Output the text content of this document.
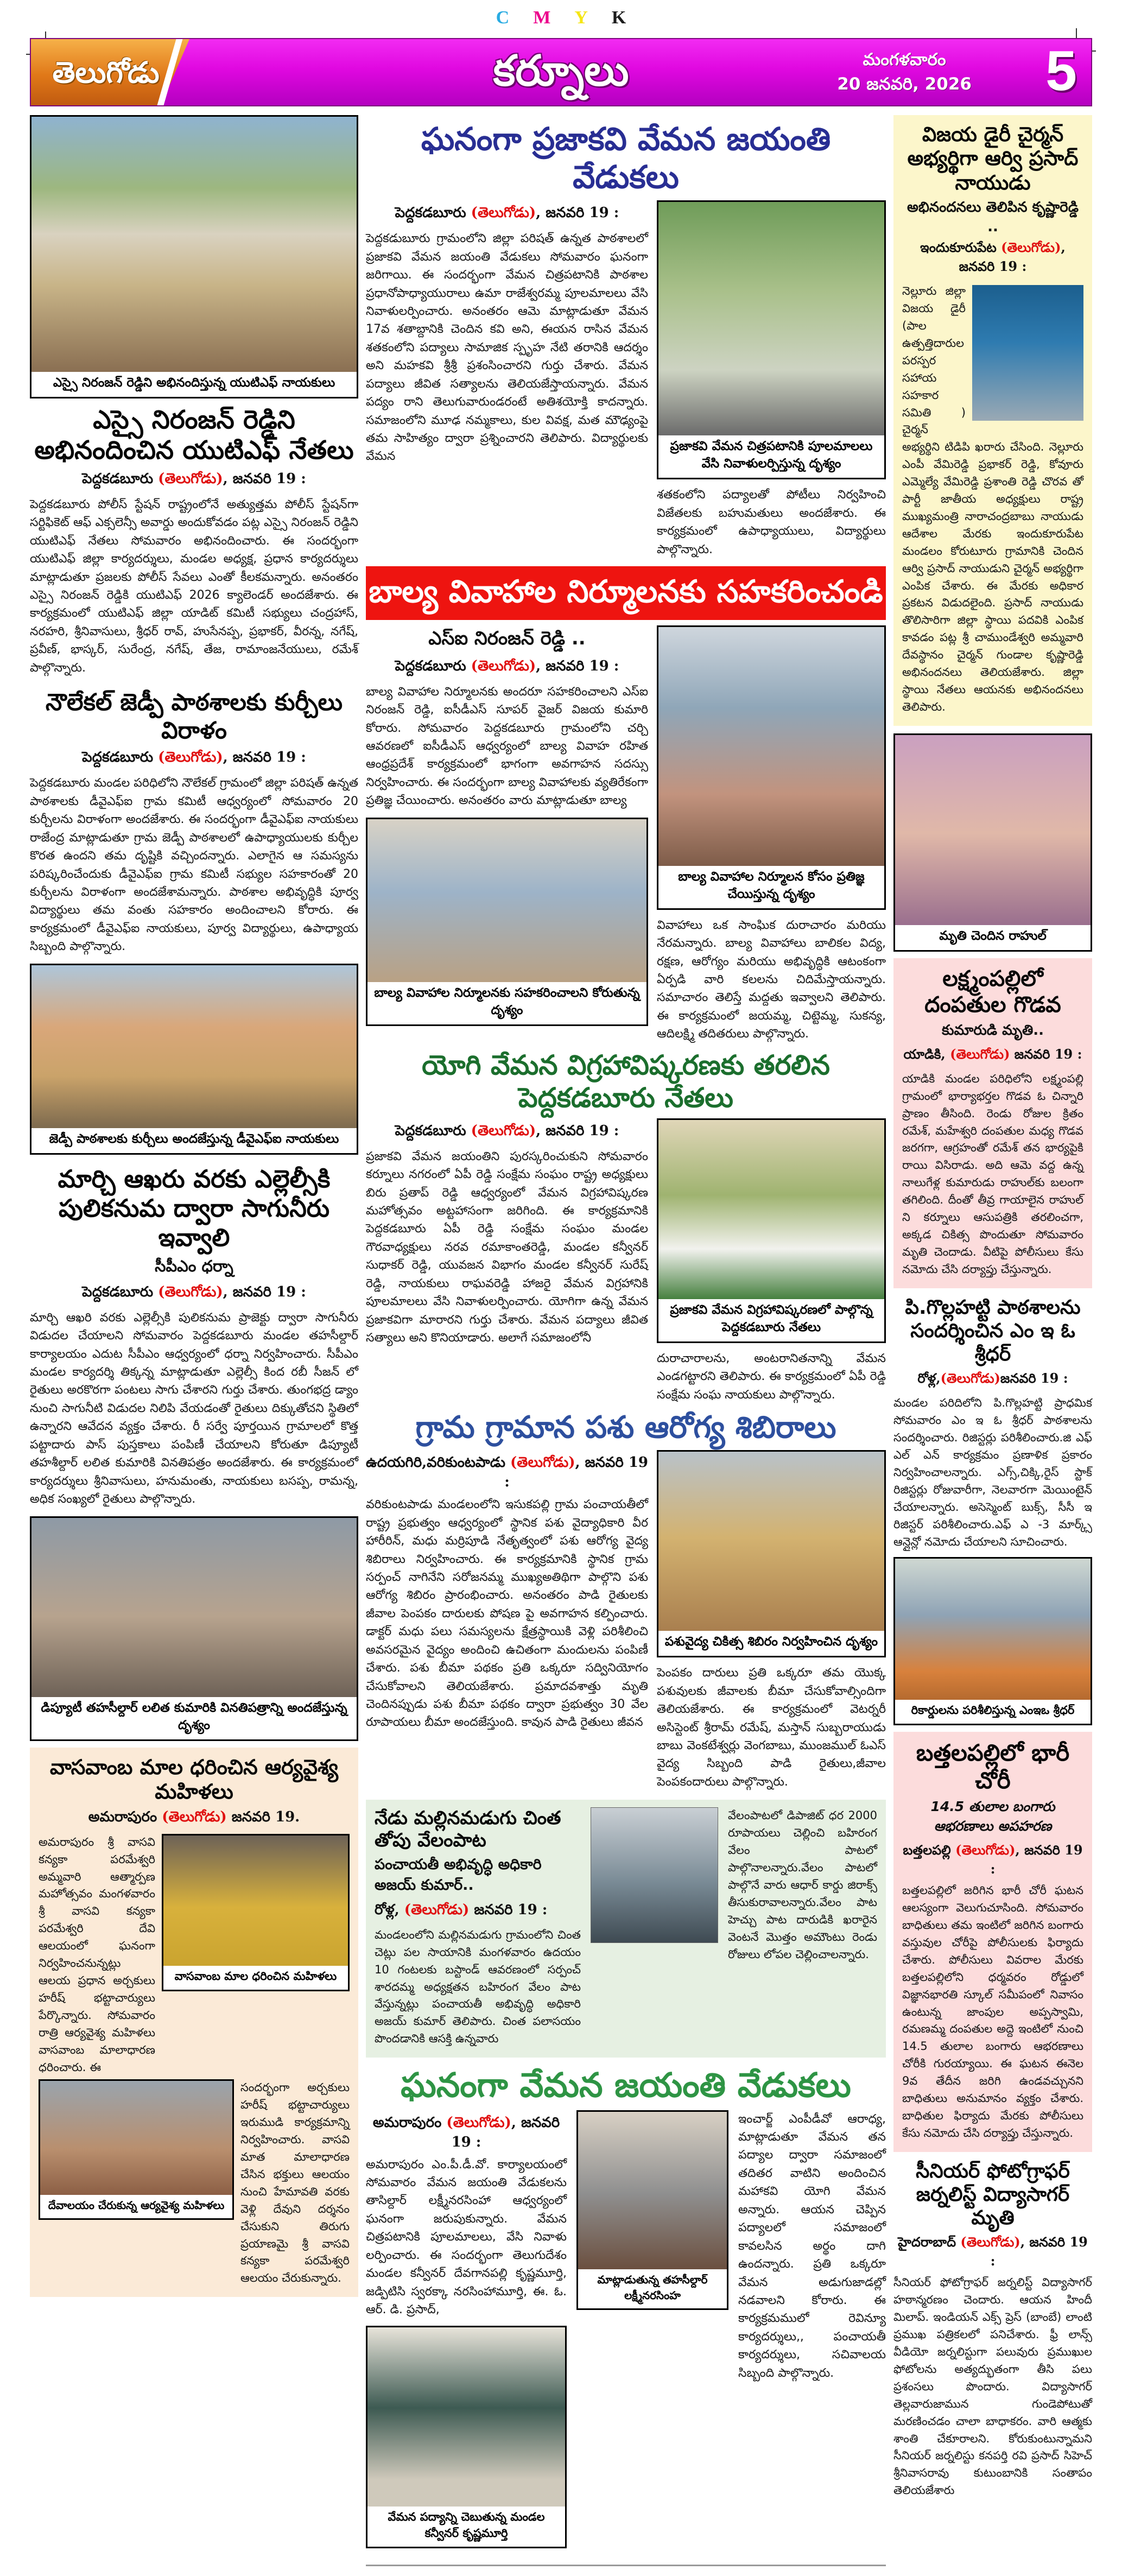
C M Y K
తెలుగోడు	కర్నూలు	మంగళవారం
20 జనవరి, 2026 5
ఎస్సై నిరంజన్ రెడ్డిని అభినందిస్తున్న యుటిఎఫ్ నాయకులు
ఎస్సై నిరంజన్ రెడ్డిని అభినందించిన యుటిఎఫ్ నేతలు
పెద్దకడబూరు (తెలుగోడు), జనవరి 19 :

పెద్దకడబూరు పోలీస్ స్టేషన్ రాష్ట్రంలోనే అత్యుత్తమ పోలీస్ స్టేషన్‌గా సర్టిఫికెట్ ఆఫ్ ఎక్సలెన్సీ అవార్డు అందుకోవడం పట్ల ఎస్సై నిరంజన్ రెడ్డిని యుటిఎఫ్ నేతలు సోమవారం అభినందించారు. ఈ సందర్భంగా యుటిఎఫ్ జిల్లా కార్యదర్శులు, మండల అధ్యక్ష, ప్రధాన కార్యదర్శులు మాట్లాడుతూ ప్రజలకు పోలీస్ సేవలు ఎంతో కీలకమన్నారు. అనంతరం ఎస్సై నిరంజన్ రెడ్డికి యుటిఎఫ్ 2026 క్యాలెండర్ అందజేశారు. ఈ కార్యక్రమంలో యుటిఎఫ్ జిల్లా యాడిట్ కమిటీ సభ్యులు చంద్రహాస్, నరహరి, శ్రీనివాసులు, శ్రీధర్ రావ్, హుసేనప్ప, ప్రభాకర్, వీరన్న, నగేష్, ప్రవీణ్, భాస్కర్, సురేంద్ర, నగేష్, తేజ, రామాంజనేయులు, రమేశ్ పాల్గొన్నారు.

నౌలేకల్ జెడ్పీ పాఠశాలకు కుర్చీలు విరాళం
పెద్దకడబూరు (తెలుగోడు), జనవరి 19 :

పెద్దకడబూరు మండల పరిధిలోని నౌలేకల్ గ్రామంలో జిల్లా పరిషత్ ఉన్నత పాఠశాలకు డీవైఎఫ్ఐ గ్రామ కమిటీ ఆధ్వర్యంలో సోమవారం 20 కుర్చీలను విరాళంగా అందజేశారు. ఈ సందర్భంగా డీవైఎఫ్ఐ నాయకులు రాజేంద్ర మాట్లాడుతూ గ్రామ జెడ్పీ పాఠశాలలో ఉపాధ్యాయులకు కుర్చీల కొరత ఉందని తమ దృష్టికి వచ్చిందన్నారు. ఎలాగైన ఆ సమస్యను పరిష్కరించేందుకు డీవైఎఫ్ఐ గ్రామ కమిటీ సభ్యుల సహకారంతో 20 కుర్చీలను విరాళంగా అందజేశామన్నారు. పాఠశాల అభివృద్ధికి పూర్వ విద్యార్థులు తమ వంతు సహకారం అందించాలని కోరారు. ఈ కార్యక్రమంలో డీవైఎఫ్ఐ నాయకులు, పూర్వ విద్యార్థులు, ఉపాధ్యాయ సిబ్బంది పాల్గొన్నారు.

జెడ్పీ పాఠశాలకు కుర్చీలు అందజేస్తున్న డీవైఎఫ్ఐ నాయకులు
మార్చి ఆఖరు వరకు ఎల్లెల్సీకి పులికనుమ ద్వారా సాగునీరు ఇవ్వాలి
సీపీఎం ధర్నా
పెద్దకడబూరు (తెలుగోడు), జనవరి 19 :

మార్చి ఆఖరి వరకు ఎల్లెల్సీకి పులికనుమ ప్రాజెక్టు ద్వారా సాగునీరు విడుదల చేయాలని సోమవారం పెద్దకడబూరు మండల తహసీల్దార్ కార్యాలయం ఎదుట సీపీఎం ఆధ్వర్యంలో ధర్నా నిర్వహించారు. సీపీఎం మండల కార్యదర్శి తిక్కన్న మాట్లాడుతూ ఎల్లెల్సీ కింద రబీ సీజన్ లో రైతులు అరకొరగా పంటలు సాగు చేశారని గుర్తు చేశారు. తుంగభద్ర డ్యాం నుంచి సాగునీటి విడుదల నిలిపి వేయడంతో రైతులు దిక్కుతోచని స్థితిలో ఉన్నారని ఆవేదన వ్యక్తం చేశారు. రీ సర్వే పూర్తయిన గ్రామాలలో కొత్త పట్టాదారు పాస్ పుస్తకాలు పంపిణీ చేయాలని కోరుతూ డిప్యూటీ తహశీల్దార్ లలిత కుమారికి వినతిపత్రం అందజేశారు. ఈ కార్యక్రమంలో కార్యదర్శులు శ్రీనివాసులు, హనుమంతు, నాయకులు బసప్ప, రామన్న, అధిక సంఖ్యలో రైతులు పాల్గొన్నారు.

డిప్యూటీ తహసీల్దార్ లలిత కుమారికి వినతిపత్రాన్ని అందజేస్తున్న దృశ్యం
వాసవాంబ మాల ధరించిన ఆర్యవైశ్య మహిళలు
అమరాపురం (తెలుగోడు) జనవరి 19.

అమరాపురం శ్రీ వాసవి కన్యకా పరమేశ్వరి అమ్మవారి ఆత్మార్పణ మహోత్సవం మంగళవారం శ్రీ వాసవి కన్యకా పరమేశ్వరి దేవి ఆలయంలో ఘనంగా నిర్వహించనున్నట్లు ఆలయ ప్రధాన అర్చకులు హరీష్ భట్టాచార్యులు పేర్కొన్నారు. సోమవారం రాత్రి ఆర్యవైశ్య మహిళలు వాసవాంబ మాలాధారణ ధరించారు. ఈ

వాసవాంబ మాల ధరించిన మహిళలు
దేవాలయం చేరుకున్న ఆర్యవైశ్య మహిళలు

సందర్భంగా అర్చకులు హరీష్ భట్టాచార్యులు ఇరుముడి కార్యక్రమాన్ని నిర్వహించారు. వాసవి మాత మాలాధారణ చేసిన భక్తులు ఆలయం నుంచి హేమావతి వరకు వెళ్లి దేవుని దర్శనం చేసుకుని తిరుగు ప్రయాణమై శ్రీ వాసవి కన్యకా పరమేశ్వరి ఆలయం చేరుకున్నారు.

ఘనంగా ప్రజాకవి వేమన జయంతి వేడుకలు
పెద్దకడబూరు (తెలుగోడు), జనవరి 19 :

పెద్దకడుబూరు గ్రామంలోని జిల్లా పరిషత్ ఉన్నత పాఠశాలలో ప్రజాకవి వేమన జయంతి వేడుకలు సోమవారం ఘనంగా జరిగాయి. ఈ సందర్భంగా వేమన చిత్రపటానికి పాఠశాల ప్రధానోపాధ్యాయురాలు ఉమా రాజేశ్వరమ్మ పూలమాలలు వేసి నివాళులర్పించారు. అనంతరం ఆమె మాట్లాడుతూ వేమన 17వ శతాబ్దానికి చెందిన కవి అని, ఈయన రాసిన వేమన శతకంలోని పద్యాలు సామాజిక స్పృహ నేటి తరానికి ఆదర్శం అని మహకవి శ్రీశ్రీ ప్రశంసించారని గుర్తు చేశారు. వేమన పద్యాలు జీవిత సత్యాలను తెలియజేస్తాయన్నారు. వేమన పద్యం రాని తెలుగువారుండరంటే అతిశయోక్తి కాదన్నారు. సమాజంలోని మూఢ నమ్మకాలు, కుల వివక్ష, మత మౌఢ్యంపై తమ సాహిత్యం ద్వారా ప్రశ్నించారని తెలిపారు. విద్యార్థులకు వేమన

ప్రజాకవి వేమన చిత్రపటానికి పూలమాలలు వేసి నివాళులర్పిస్తున్న దృశ్యం

శతకంలోని పద్యాలతో పోటీలు నిర్వహించి విజేతలకు బహుమతులు అందజేశారు. ఈ కార్యక్రమంలో ఉపాధ్యాయులు, విద్యార్థులు పాల్గొన్నారు.

బాల్య వివాహాల నిర్మూలనకు సహకరించండి
ఎస్ఐ నిరంజన్ రెడ్డి ..
పెద్దకడబూరు (తెలుగోడు), జనవరి 19 :

బాల్య వివాహాల నిర్మూలనకు అందరూ సహకరించాలని ఎస్ఐ నిరంజన్ రెడ్డి, ఐసీడీఎస్ సూపర్ వైజర్ విజయ కుమారి కోరారు. సోమవారం పెద్దకడబూరు గ్రామంలోని చర్చి ఆవరణలో ఐసీడీఎస్ ఆధ్వర్యంలో బాల్య వివాహ రహిత ఆంధ్రప్రదేశ్ కార్యక్రమంలో భాగంగా అవగాహన సదస్సు నిర్వహించారు. ఈ సందర్భంగా బాల్య వివాహాలకు వ్యతిరేకంగా ప్రతిజ్ఞ చేయించారు. అనంతరం వారు మాట్లాడుతూ బాల్య

బాల్య వివాహాల నిర్మూలనకు సహకరించాలని కోరుతున్న దృశ్యం
బాల్య వివాహాల నిర్మూలన కోసం ప్రతిజ్ఞ చేయిస్తున్న దృశ్యం

వివాహాలు ఒక సాంఘిక దురాచారం మరియు నేరమన్నారు. బాల్య వివాహాలు బాలికల విద్య, రక్షణ, ఆరోగ్యం మరియు అభివృద్ధికి ఆటంకంగా ఏర్పడి వారి కలలను చిదిమేస్తాయన్నారు. సమాచారం తెలిస్తే మద్దతు ఇవ్వాలని తెలిపారు. ఈ కార్యక్రమంలో జయమ్మ, చిట్టెమ్మ, సుకన్య, ఆదిలక్ష్మి తదితరులు పాల్గొన్నారు.

యోగి వేమన విగ్రహావిష్కరణకు తరలిన పెద్దకడబూరు నేతలు
పెద్దకడబూరు (తెలుగోడు), జనవరి 19 :

ప్రజాకవి వేమన జయంతిని పురస్కరించుకుని సోమవారం కర్నూలు నగరంలో ఏపీ రెడ్డి సంక్షేమ సంఘం రాష్ట్ర అధ్యక్షులు బిరు ప్రతాప్ రెడ్డి ఆధ్వర్యంలో వేమన విగ్రహావిష్కరణ మహోత్సవం అట్టహాసంగా జరిగింది. ఈ కార్యక్రమానికి పెద్దకడబూరు ఏపీ రెడ్డి సంక్షేమ సంఘం మండల గౌరవాధ్యక్షులు నరవ రమాకాంతరెడ్డి, మండల కన్వీనర్ సుధాకర్ రెడ్డి, యువజన విభాగం మండల కన్వీనర్ సురేష్ రెడ్డి, నాయకులు రాఘవరెడ్డి హాజరై వేమన విగ్రహానికి పూలమాలలు వేసి నివాళులర్పించారు. యోగిగా ఉన్న వేమన ప్రజాకవిగా మారారని గుర్తు చేశారు. వేమన పద్యాలు జీవిత సత్యాలు అని కొనియాడారు. అలాగే సమాజంలోనీ

ప్రజాకవి వేమన విగ్రహావిష్కరణలో పాల్గొన్న పెద్దకడబూరు నేతలు

దురాచారాలను, అంటరానితనాన్ని వేమన ఎండగట్టారని తెలిపారు. ఈ కార్యక్రమంలో ఏపీ రెడ్డి సంక్షేమ సంఘ నాయకులు పాల్గొన్నారు.

గ్రామ గ్రామాన పశు ఆరోగ్య శిబిరాలు
ఉదయగిరి,వరికుంటపాడు (తెలుగోడు), జనవరి 19 :

వరికుంటపాడు మండలంలోని ఇసుకపల్లి గ్రామ పంచాయతీలో రాష్ట్ర ప్రభుత్వం ఆధ్వర్యంలో స్థానిక పశు వైద్యాధికారి వీర హారీరిన్, మధు మర్రిపూడి నేతృత్వంలో పశు ఆరోగ్య వైద్య శిబిరాలు నిర్వహించారు. ఈ కార్యక్రమానికి స్థానిక గ్రామ సర్పంచ్ నాగినేని సరోజనమ్మ ముఖ్యఅతిథిగా పాల్గొని పశు ఆరోగ్య శిబిరం ప్రారంభించారు. అనంతరం పాడి రైతులకు జీవాల పెంపకం దారులకు పోషణ పై అవగాహన కల్పించారు. డాక్టర్ మధు పలు సమస్యలను క్షేత్రస్థాయికి వెళ్లి పరిశీలించి అవసరమైన వైద్యం అందించి ఉచితంగా మందులను పంపిణీ చేశారు. పశు బీమా పథకం ప్రతి ఒక్కరూ సద్వినియోగం చేసుకోవాలని తెలియజేశారు. ప్రమాదవశాత్తు మృతి చెందినప్పుడు పశు బీమా పథకం ద్వారా ప్రభుత్వం 30 వేల రూపాయలు బీమా అందజేస్తుంది. కావున పాడి రైతులు జీవన

పశువైద్య చికిత్స శిబిరం నిర్వహించిన దృశ్యం

పెంపకం దారులు ప్రతి ఒక్కరూ తమ యొక్క పశువులకు జీవాలకు బీమా చేసుకోవాల్సిందిగా తెలియజేశారు. ఈ కార్యక్రమంలో వెటర్నరీ అసిస్టెంట్ శ్రీరామ్ రమేష్, మస్తాన్ సుబ్బరాయుడు బాబు వెంకటేశ్వర్లు వెంగబాబు, ముంజముల్ ఓఎస్ వైద్య సిబ్బంది పాడి రైతులు,జీవాల పెంపకందారులు పాల్గొన్నారు.

నేడు మల్లినమడుగు చింత తోపు వేలంపాట
పంచాయతీ అభివృద్ధి అధికారి అజయ్ కుమార్..
రోళ్ల, (తెలుగోడు) జనవరి 19 :

మండలంలోని మల్లినమడుగు గ్రామంలోని చింత చెట్లు పల సాయానికి మంగళవారం ఉదయం 10 గంటలకు బస్టాండ్ ఆవరణంలో సర్పంచ్ శారదమ్మ అధ్యక్షతన బహిరంగ వేలం పాట వేస్తున్నట్లు పంచాయతీ అభివృద్ధి అధికారి అజయ్ కుమార్ తెలిపారు. చింత పలాసయం పొందడానికి ఆసక్తి ఉన్నవారు

వేలంపాటలో డిపాజిట్ ధర 2000 రూపాయలు చెల్లించి బహిరంగ వేలం పాటలో పాల్గొనాలన్నారు.వేలం పాటలో పాల్గొనే వారు ఆధార్ కార్డు జిరాక్స్ తీసుకురావాలన్నారు.వేలం పాట హెచ్చు పాట దారుడికి ఖరారైన వెంటనే మొత్తం అమౌంటు రెండు రోజులు లోపల చెల్లించాలన్నారు.

ఘనంగా వేమన జయంతి వేడుకలు
అమరాపురం (తెలుగోడు), జనవరి 19 :

అమరాపురం ఎం.పీ.డీ.వో. కార్యాలయంలో సోమవారం వేమన జయంతి వేడుకలను తాసిల్దార్ లక్ష్మీనరసింహా ఆధ్వర్యంలో ఘనంగా జరుపుకున్నారు. వేమన చిత్రపటానికి పూలమాలలు, వేసి నివాళు లర్పించారు. ఈ సందర్భంగా తెలుగుదేశం మండల కన్వీనర్ దేవగానపల్లి కృష్ణమూర్తి, జడ్పిటిసి స్వరక్కా నరసింహామూర్తి, ఈ. ఓ. ఆర్. డి. ప్రసాద్,

వేమన పద్యాన్ని చెబుతున్న మండల కన్వీనర్ కృష్ణమూర్తి
మాట్లాడుతున్న తహసీల్దార్ లక్ష్మీనరసింహ

ఇంచార్జ్ ఎంపీడీవో ఆరాధ్య, మాట్లాడుతూ వేమన తన పద్యాల ద్వారా సమాజంలో తదితర వాటిని అందించిన మహాకవి యోగి వేమన అన్నారు. ఆయన చెప్పిన పద్యాలలో సమాజంలో కావలసిన అర్థం దాగి ఉందన్నారు. ప్రతి ఒక్కరూ వేమన అడుగుజాడల్లో నడవాలని కోరారు. ఈ కార్యక్రమములో రెవిన్యూ కార్యదర్శులు,, పంచాయతీ కార్యదర్శులు, సచివాలయ సిబ్బంది పాల్గొన్నారు.

విజయ డైరీ చైర్మన్ అభ్యర్థిగా ఆర్వి ప్రసాద్ నాయుడు
అభినందనలు తెలిపిన కృష్ణారెడ్డి ..
ఇందుకూరుపేట (తెలుగోడు), జనవరి 19 :

నెల్లూరు జిల్లా విజయ డైరీ (పాల ఉత్పత్తిదారుల పరస్పర సహాయ సహకార సమితి ) చైర్మన్ అభ్యర్థిని టిడిపి ఖరారు చేసింది. నెల్లూరు ఎంపీ వేమిరెడ్డి ప్రభాకర్ రెడ్డి, కోవూరు ఎమ్మెల్యే వేమిరెడ్డి ప్రశాంతి రెడ్డి చొరవ తో పార్టీ జాతీయ అధ్యక్షులు రాష్ట్ర ముఖ్యమంత్రి నారాచంద్రబాబు నాయుడు ఆదేశాల మేరకు ఇందుకూరుపేట మండలం కోరుటూరు గ్రామానికి చెందిన ఆర్వి ప్రసాద్ నాయుడుని చైర్మన్ అభ్యర్థిగా ఎంపిక చేశారు. ఈ మేరకు అధికార ప్రకటన విడుదలైంది. ప్రసాద్ నాయుడు తొలిసారిగా జిల్లా స్థాయి పదవికి ఎంపిక కావడం పట్ల శ్రీ చాముండేశ్వరి అమ్మవారి దేవస్థానం చైర్మన్ గుండాల కృష్ణారెడ్డి అభినందనలు తెలియజేశారు. జిల్లా స్థాయి నేతలు ఆయనకు అభినందనలు తెలిపారు.

మృతి చెందిన రాహుల్
లక్ష్మంపల్లిలో దంపతుల గొడవ
కుమారుడి మృతి..
యాడికి, (తెలుగోడు) జనవరి 19 :

యాడికి మండల పరిధిలోని లక్ష్మంపల్లి గ్రామంలో భార్యాభర్తల గొడవ ఓ చిన్నారి ప్రాణం తీసింది. రెండు రోజుల క్రితం రమేశ్, మహేశ్వరి దంపతుల మధ్య గొడవ జరగగా, ఆగ్రహంతో రమేశ్ తన భార్యపైకి రాయి విసిరాడు. అది ఆమె వద్ద ఉన్న నాలుగేళ్ల కుమారుడు రాహుల్‌కు బలంగా తగిలింది. దీంతో తీవ్ర గాయాలైన రాహుల్ ని కర్నూలు ఆసుపత్రికి తరలించగా, అక్కడ చికిత్స పొందుతూ సోమవారం మృతి చెందాడు. వీటిపై పోలీసులు కేసు నమోదు చేసి దర్యాప్తు చేస్తున్నారు.

పి.గొల్లహట్టి పాఠశాలను సందర్శించిన ఎం ఇ ఓ శ్రీధర్
రోళ్ల,(తెలుగోడు)జనవరి 19 :

మండల పరిదిలోని పి.గొల్లహట్టి ప్రాధమిక సోమవారం ఎం ఇ ఓ శ్రీధర్ పాఠశాలను సందర్శించారు. రిజిస్టర్లు పరిశీలించారు.జి ఎఫ్ ఎల్ ఎన్ కార్యక్రమం ప్రణాళిక ప్రకారం నిర్వహించాలన్నారు. ఎగ్స్,చిక్కి,రైస్ స్టాక్ రిజిస్టర్లు రోజువారీగా, నెలవారగా మెయింటైన్ చేయాలన్నారు. అసెస్మెంట్ బుక్స్, సీసీ ఇ రిజిస్టర్ పరిశీలించారు.ఎఫ్ ఎ -3 మార్క్స్ ఆన్లైన్లో నమోదు చేయాలని సూచించారు.

రికార్డులను పరిశీలిస్తున్న ఎంఇఒ శ్రీధర్
బత్తలపల్లిలో భారీ చోరీ
14.5 తులాల బంగారు ఆభరణాలు అపహరణ
బత్తలపల్లి (తెలుగోడు), జనవరి 19 :

బత్తలపల్లిలో జరిగిన భారీ చోరీ ఘటన ఆలస్యంగా వెలుగుచూసింది. సోమవారం బాధితులు తమ ఇంటిలో జరిగిన బంగారు వస్తువుల చోరీపై పోలీసులకు ఫిర్యాదు చేశారు. పోలీసులు వివరాల మేరకు బత్తలపల్లిలోని ధర్మవరం రోడ్డులో విజ్ఞానభారతి స్కూల్ సమీపంలో నివాసం ఉంటున్న జాంపుల అప్పస్వామి, రమణమ్మ దంపతుల అద్దె ఇంటిలో నుంచి 14.5 తులాల బంగారు ఆభరణాలు చోరీకి గురయ్యాయి. ఈ ఘటన ఈనెల 9వ తేదీన జరిగి ఉండవచ్చునని బాధితులు అనుమానం వ్యక్తం చేశారు. బాధితుల ఫిర్యాదు మేరకు పోలీసులు కేసు నమోదు చేసి దర్యాప్తు చేస్తున్నారు.

సీనియర్ ఫోటోగ్రాఫర్ జర్నలిస్ట్ విద్యాసాగర్ మృతి
హైదరాబాద్ (తెలుగోడు), జనవరి 19 :

సీనియర్ ఫోటోగ్రాఫర్ జర్నలిస్ట్ విద్యాసాగర్ హఠాన్మరణం చెందారు. ఆయన హిందీ మిలాప్. ఇండియన్ ఎక్స్ ప్రెస్ (బాంబే) లాంటి ప్రముఖ పత్రికలలో పనిచేశారు. ఫ్రీ లాన్స్ వీడియో జర్నలిస్టుగా పలువురు ప్రముఖుల ఫోటోలను అత్యద్భుతంగా తీసి పలు ప్రశంసలు పొందారు. విద్యాసాగర్ తెల్లవారుజామున గుండెపోటుతో మరణించడం చాలా బాధాకరం. వారి ఆత్మకు శాంతి చేకూరాలని. కోరుకుంటున్నామని సీనియర్ జర్నలిస్టు కనపర్తి రవి ప్రసాద్ సిహెచ్ శ్రీనివాసరావు కుటుంబానికి సంతాపం తెలియజేశారు
